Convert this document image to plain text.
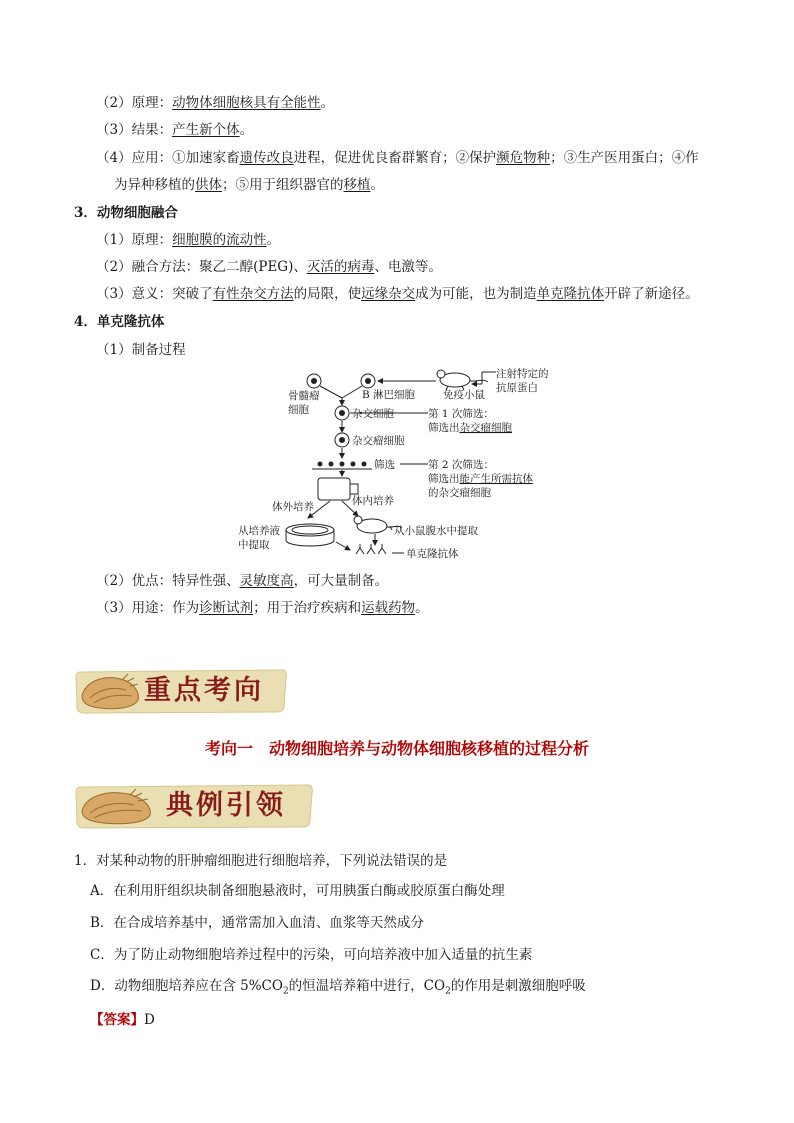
（2）原理：动物体细胞核具有全能性。
（3）结果：产生新个体。
（4）应用：①加速家畜遗传改良进程，促进优良畜群繁育；②保护濒危物种；③生产医用蛋白；④作
为异种移植的供体；⑤用于组织器官的移植。
3．动物细胞融合
（1）原理：细胞膜的流动性。
（2）融合方法：聚乙二醇(PEG)、灭活的病毒、电激等。
（3）意义：突破了有性杂交方法的局限，使远缘杂交成为可能，也为制造单克隆抗体开辟了新途径。
4．单克隆抗体
（1）制备过程
注射特定的
抗原蛋白
免疫小鼠
骨髓瘤
细胞
B 淋巴细胞
杂交细胞	第 1 次筛选：
筛选出杂交瘤细胞
杂交瘤细胞
筛选	第 2 次筛选：
筛选出能产生所需抗体
的杂交瘤细胞
体外培养	体内培养
从培养液
中提取
从小鼠腹水中提取
单克隆抗体
（2）优点：特异性强、灵敏度高，可大量制备。
（3）用途：作为诊断试剂；用于治疗疾病和运载药物。
重点考向
考向一　动物细胞培养与动物体细胞核移植的过程分析
典例引领
1．对某种动物的肝肿瘤细胞进行细胞培养，下列说法错误的是
A．在利用肝组织块制备细胞悬液时，可用胰蛋白酶或胶原蛋白酶处理
B．在合成培养基中，通常需加入血清、血浆等天然成分
C．为了防止动物细胞培养过程中的污染，可向培养液中加入适量的抗生素
D．动物细胞培养应在含 $5\%CO_2$的恒温培养箱中进行，$CO_2$的作用是刺激细胞呼吸
【答案】D
